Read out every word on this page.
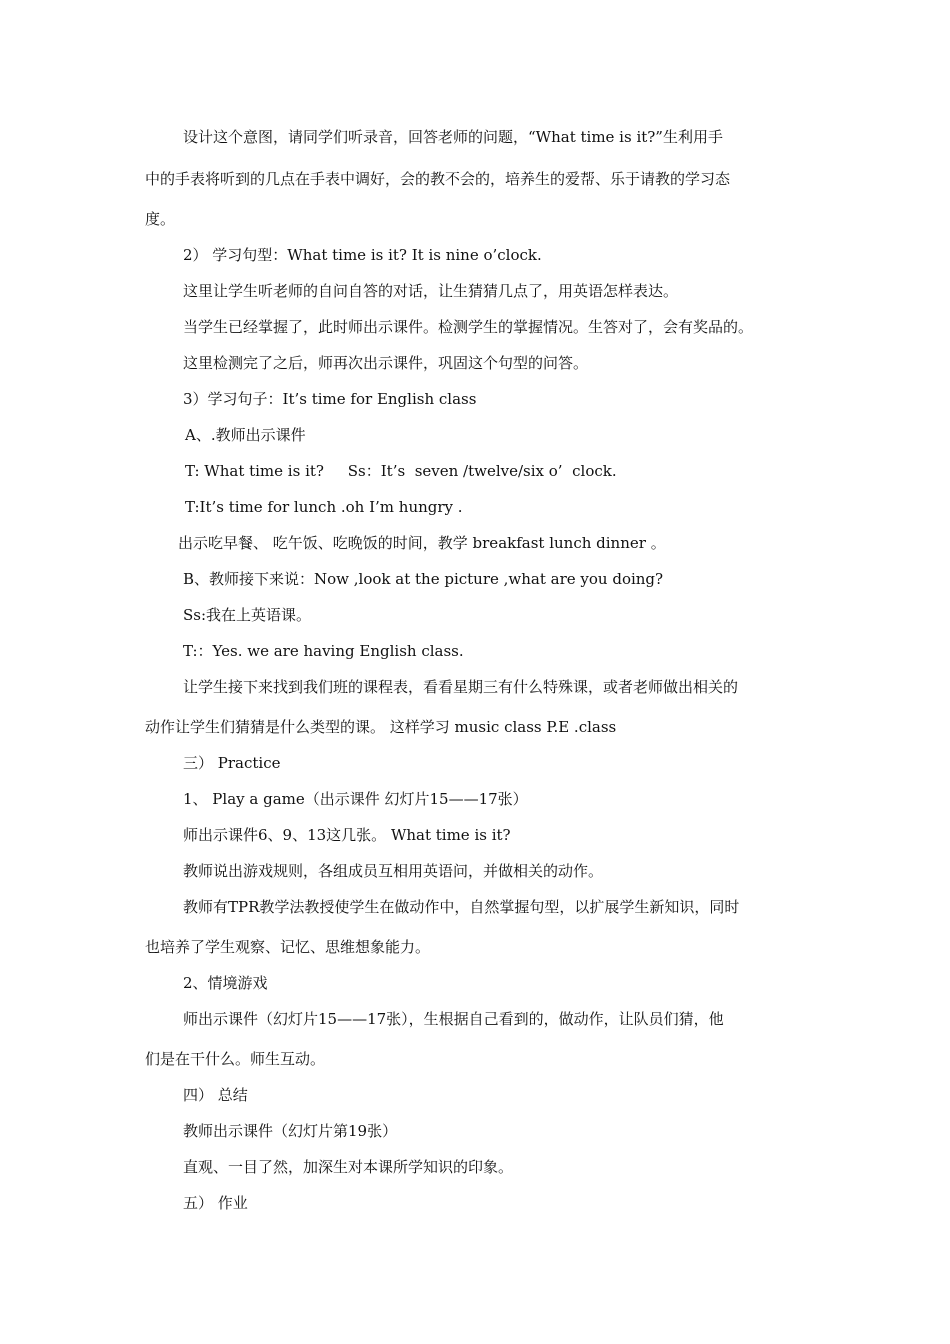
设计这个意图，请同学们听录音，回答老师的问题，“What time is it?”生利用手
中的手表将听到的几点在手表中调好，会的教不会的，培养生的爱帮、乐于请教的学习态
度。
2） 学习句型：What time is it? It is nine o’clock.
这里让学生听老师的自问自答的对话，让生猜猜几点了，用英语怎样表达。
当学生已经掌握了，此时师出示课件。检测学生的掌握情况。生答对了，会有奖品的。
这里检测完了之后，师再次出示课件，巩固这个句型的问答。
3）学习句子：It’s time for English class
A、.教师出示课件
T: What time is it?     Ss：It’s  seven /twelve/six o’  clock.
T:It’s time for lunch .oh I’m hungry .
出示吃早餐、 吃午饭、吃晚饭的时间，教学 breakfast lunch dinner 。
B、教师接下来说：Now ,look at the picture ,what are you doing?
Ss:我在上英语课。
T:：Yes. we are having English class.
让学生接下来找到我们班的课程表，看看星期三有什么特殊课，或者老师做出相关的
动作让学生们猜猜是什么类型的课。 这样学习 music class P.E .class
三） Practice
1、 Play a game（出示课件 幻灯片15——17张）
师出示课件6、9、13这几张。 What time is it?
教师说出游戏规则，各组成员互相用英语问，并做相关的动作。
教师有TPR教学法教授使学生在做动作中，自然掌握句型，以扩展学生新知识，同时
也培养了学生观察、记忆、思维想象能力。
2、情境游戏
师出示课件（幻灯片15——17张），生根据自己看到的，做动作，让队员们猜，他
们是在干什么。师生互动。
四） 总结
教师出示课件（幻灯片第19张）
直观、一目了然，加深生对本课所学知识的印象。
五） 作业
